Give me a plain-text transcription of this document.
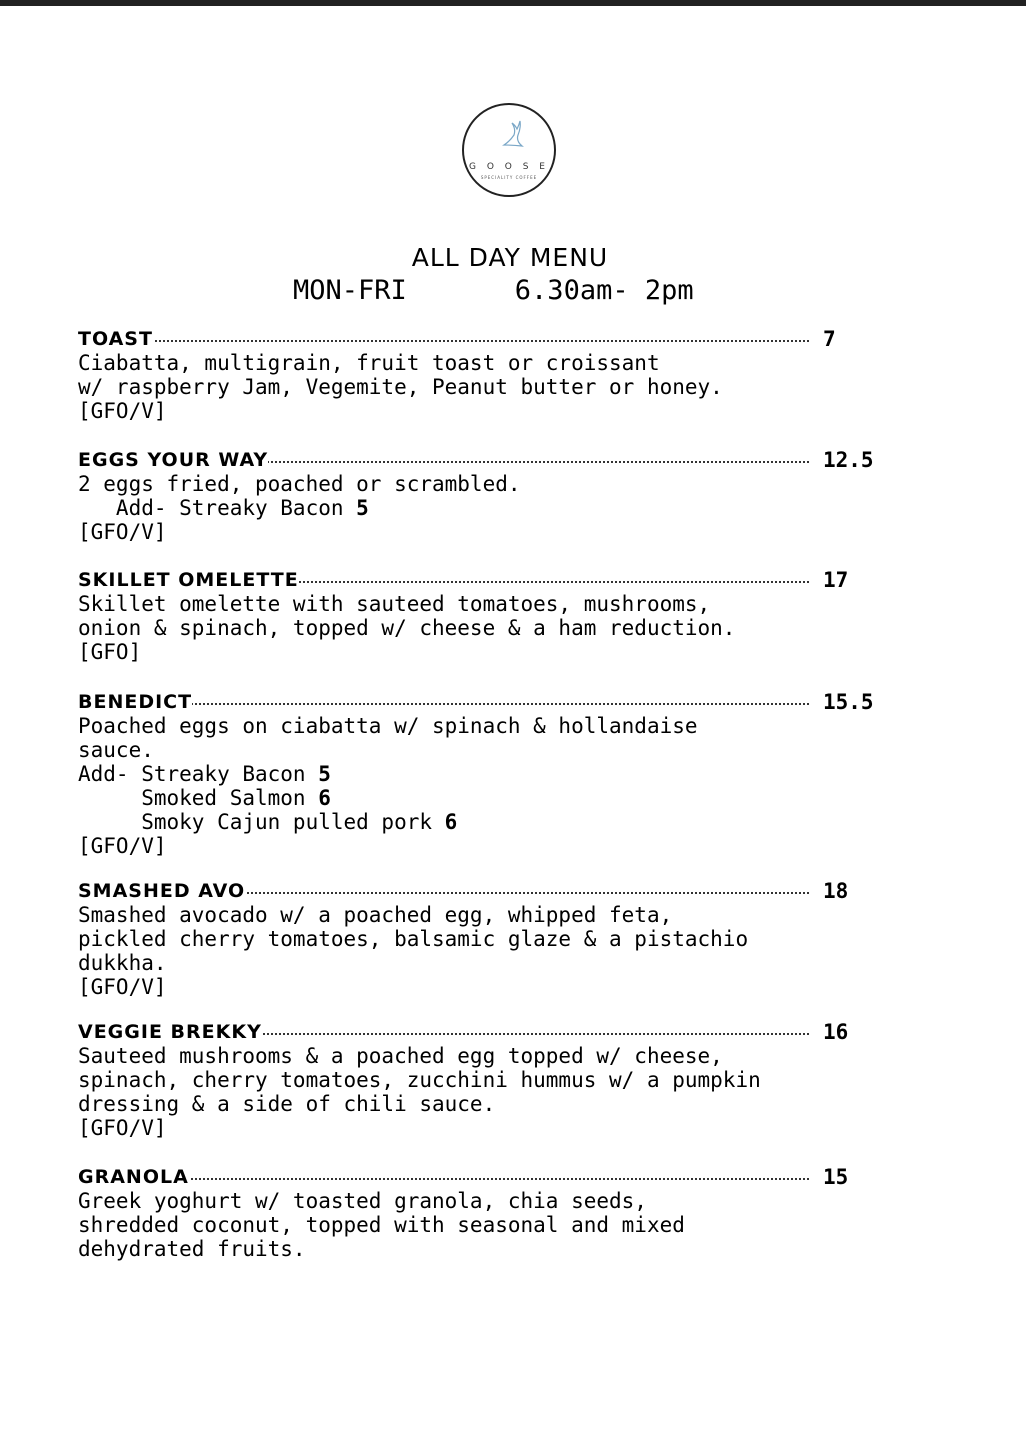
G O O S E
SPECIALITY COFFEE
ALL DAY MENU
MON-FRI	6.30am- 2pm
TOAST	7
Ciabatta, multigrain, fruit toast or croissant
w/ raspberry Jam, Vegemite, Peanut butter or honey.
[GFO/V]
EGGS YOUR WAY	12.5
2 eggs fried, poached or scrambled.
Add- Streaky Bacon 5
[GFO/V]
SKILLET OMELETTE	17
Skillet omelette with sauteed tomatoes, mushrooms,
onion & spinach, topped w/ cheese & a ham reduction.
[GFO]
BENEDICT	15.5
Poached eggs on ciabatta w/ spinach & hollandaise
sauce.
Add- Streaky Bacon 5
Smoked Salmon 6
Smoky Cajun pulled pork 6
[GFO/V]
SMASHED AVO	18
Smashed avocado w/ a poached egg, whipped feta,
pickled cherry tomatoes, balsamic glaze & a pistachio
dukkha.
[GFO/V]
VEGGIE BREKKY	16
Sauteed mushrooms & a poached egg topped w/ cheese,
spinach, cherry tomatoes, zucchini hummus w/ a pumpkin
dressing & a side of chili sauce.
[GFO/V]
GRANOLA	15
Greek yoghurt w/ toasted granola, chia seeds,
shredded coconut, topped with seasonal and mixed
dehydrated fruits.
